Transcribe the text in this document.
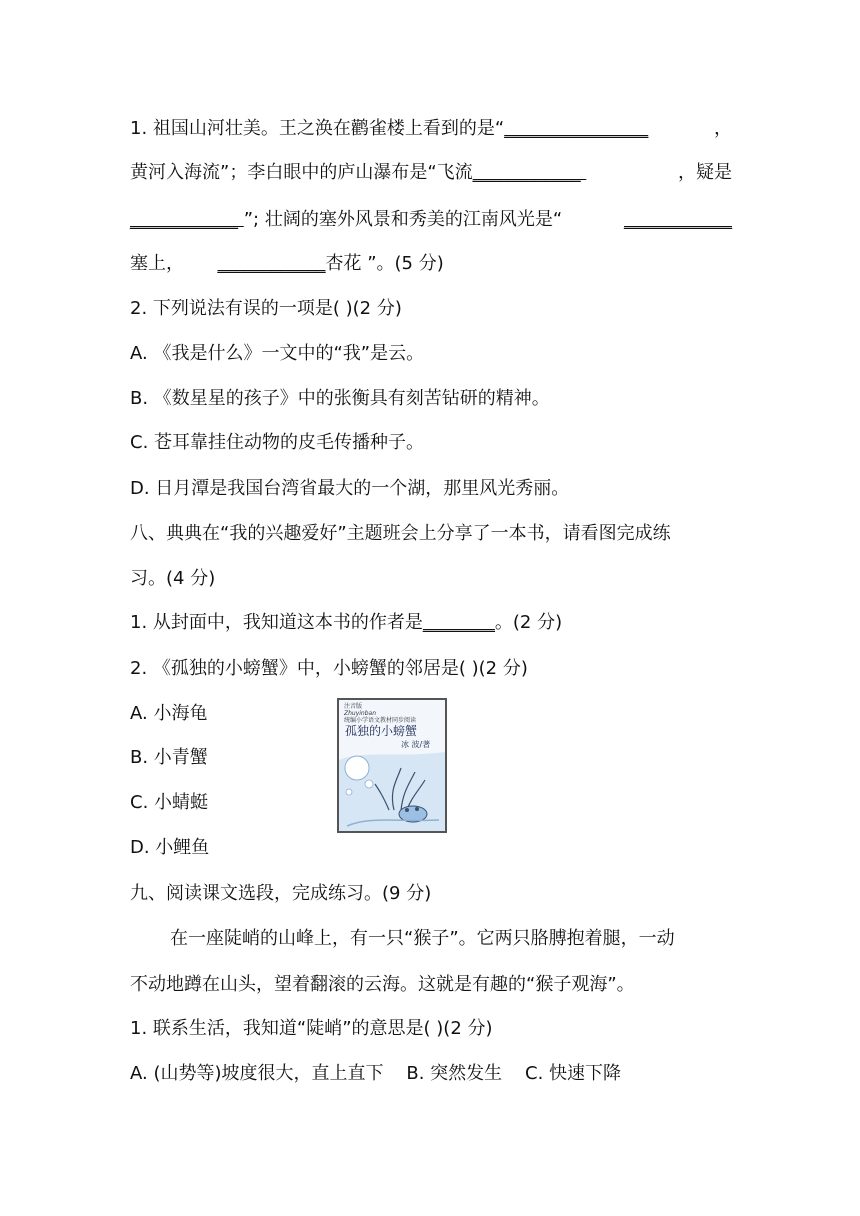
1. 祖国山河壮美。王之涣在鹳雀楼上看到的是“________________	，
黄河入海流”；李白眼中的庐山瀑布是“飞流____________	，疑是
____________ ”; 壮阔的塞外风景和秀美的江南风光是“	____________
塞上， ____________杏花 ”。(5 分)
2. 下列说法有误的一项是( )(2 分)
A. 《我是什么》一文中的“我”是云。
B. 《数星星的孩子》中的张衡具有刻苦钻研的精神。
C. 苍耳靠挂住动物的皮毛传播种子。
D. 日月潭是我国台湾省最大的一个湖，那里风光秀丽。
八、典典在“我的兴趣爱好”主题班会上分享了一本书，请看图完成练
习。(4 分)
1. 从封面中，我知道这本书的作者是________。(2 分)
2. 《孤独的小螃蟹》中，小螃蟹的邻居是( )(2 分)
A. 小海龟
B. 小青蟹
C. 小蜻蜓
D. 小鲤鱼
注音版
Zhuyinban
统编小学语文教材同步阅读
孤独的小螃蟹
冰 波/著
九、阅读课文选段，完成练习。(9 分)
在一座陡峭的山峰上，有一只“猴子”。它两只胳膊抱着腿，一动
不动地蹲在山头，望着翻滚的云海。这就是有趣的“猴子观海”。
1. 联系生活，我知道“陡峭”的意思是( )(2 分)
A. (山势等)坡度很大，直上直下    B. 突然发生    C. 快速下降
